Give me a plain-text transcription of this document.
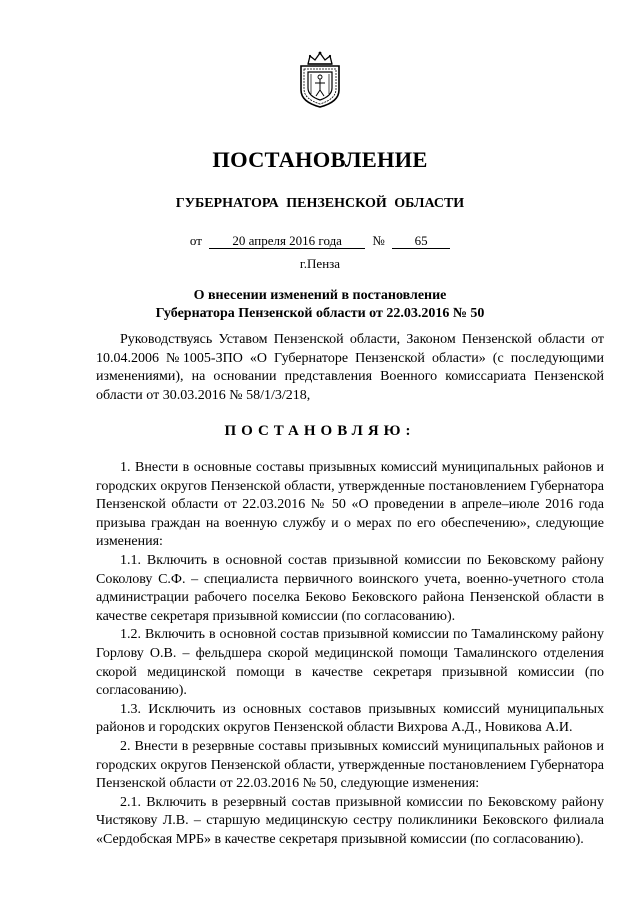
ПОСТАНОВЛЕНИЕ
ГУБЕРНАТОРА ПЕНЗЕНСКОЙ ОБЛАСТИ
от 20 апреля 2016 года № 65
г.Пенза
О внесении изменений в постановление
Губернатора Пензенской области от 22.03.2016 № 50

Руководствуясь Уставом Пензенской области, Законом Пензенской области от 10.04.2006 №1005-ЗПО «О Губернаторе Пензенской области» (с последующими изменениями), на основании представления Военного комиссариата Пензенской области от 30.03.2016 № 58/1/3/218,

ПОСТАНОВЛЯЮ:

1. Внести в основные составы призывных комиссий муниципальных районов и городских округов Пензенской области, утвержденные постановлением Губернатора Пензенской области от 22.03.2016 № 50 «О проведении в апреле–июле 2016 года призыва граждан на военную службу и о мерах по его обеспечению», следующие изменения:

1.1. Включить в основной состав призывной комиссии по Бековскому району Соколову С.Ф. – специалиста первичного воинского учета, военно-учетного стола администрации рабочего поселка Беково Бековского района Пензенской области в качестве секретаря призывной комиссии (по согласованию).

1.2. Включить в основной состав призывной комиссии по Тамалинскому району Горлову О.В. – фельдшера скорой медицинской помощи Тамалинского отделения скорой медицинской помощи в качестве секретаря призывной комиссии (по согласованию).

1.3. Исключить из основных составов призывных комиссий муниципальных районов и городских округов Пензенской области Вихрова А.Д., Новикова А.И.

2. Внести в резервные составы призывных комиссий муниципальных районов и городских округов Пензенской области, утвержденные постановлением Губернатора Пензенской области от 22.03.2016 № 50, следующие изменения:

2.1. Включить в резервный состав призывной комиссии по Бековскому району Чистякову Л.В. – старшую медицинскую сестру поликлиники Бековского филиала «Сердобская МРБ» в качестве секретаря призывной комиссии (по согласованию).
